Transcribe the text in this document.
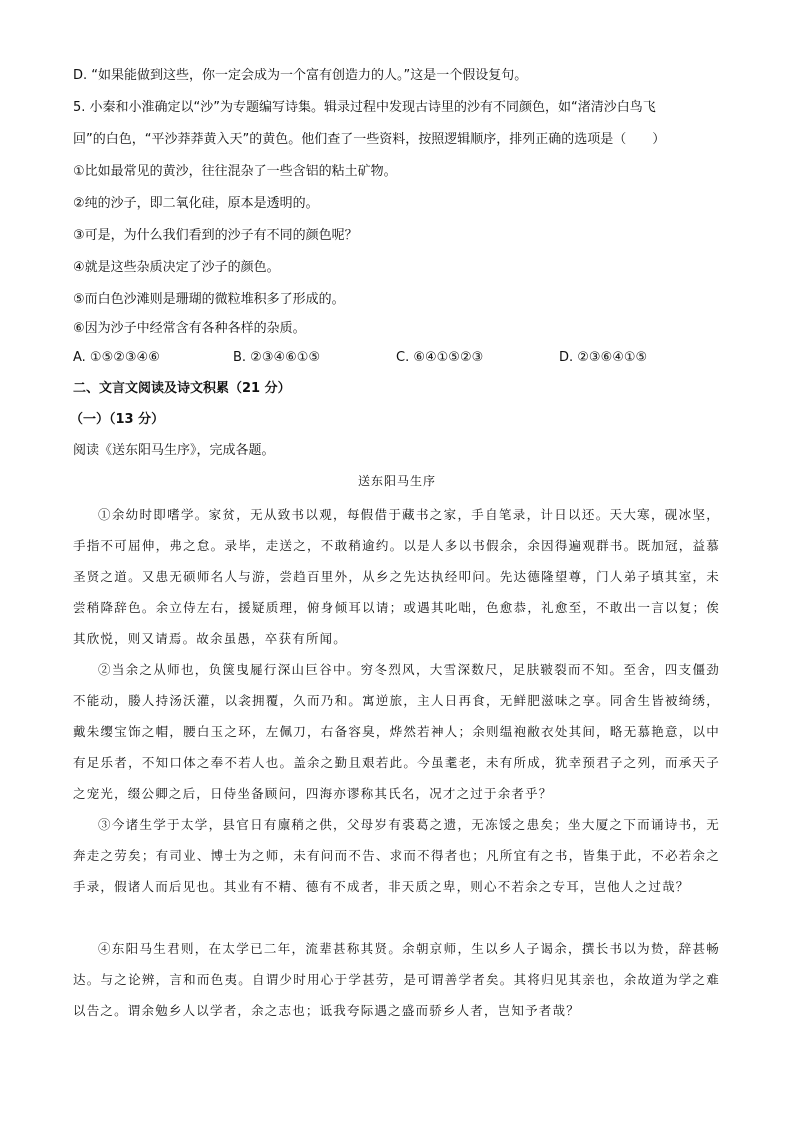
D. “如果能做到这些，你一定会成为一个富有创造力的人。”这是一个假设复句。
5. 小秦和小淮确定以“沙”为专题编写诗集。辑录过程中发现古诗里的沙有不同颜色，如“渚清沙白鸟飞
回”的白色，“平沙莽莽黄入天”的黄色。他们查了一些资料，按照逻辑顺序，排列正确的选项是（　　）
①比如最常见的黄沙，往往混杂了一些含铝的粘土矿物。
②纯的沙子，即二氧化硅，原本是透明的。
③可是，为什么我们看到的沙子有不同的颜色呢？
④就是这些杂质决定了沙子的颜色。
⑤而白色沙滩则是珊瑚的微粒堆积多了形成的。
⑥因为沙子中经常含有各种各样的杂质。
A. ①⑤②③④⑥	B. ②③④⑥①⑤	C. ⑥④①⑤②③	D. ②③⑥④①⑤
二、文言文阅读及诗文积累（21 分）
（一）（13 分）
阅读《送东阳马生序》，完成各题。
送东阳马生序

①余幼时即嗜学。家贫，无从致书以观，每假借于藏书之家，手自笔录，计日以还。天大寒，砚冰坚，手指不可屈伸，弗之怠。录毕，走送之，不敢稍逾约。以是人多以书假余，余因得遍观群书。既加冠，益慕圣贤之道。又患无硕师名人与游，尝趋百里外，从乡之先达执经叩问。先达德隆望尊，门人弟子填其室，未尝稍降辞色。余立侍左右，援疑质理，俯身倾耳以请；或遇其叱咄，色愈恭，礼愈至，不敢出一言以复；俟其欣悦，则又请焉。故余虽愚，卒获有所闻。

②当余之从师也，负箧曳屣行深山巨谷中。穷冬烈风，大雪深数尺，足肤皲裂而不知。至舍，四支僵劲不能动，媵人持汤沃灌，以衾拥覆，久而乃和。寓逆旅，主人日再食，无鲜肥滋味之享。同舍生皆被绮绣，戴朱缨宝饰之帽，腰白玉之环，左佩刀，右备容臭，烨然若神人；余则缊袍敝衣处其间，略无慕艳意，以中有足乐者，不知口体之奉不若人也。盖余之勤且艰若此。今虽耄老，未有所成，犹幸预君子之列，而承天子之宠光，缀公卿之后，日侍坐备顾问，四海亦谬称其氏名，况才之过于余者乎？

③今诸生学于太学，县官日有廪稍之供，父母岁有裘葛之遗，无冻馁之患矣；坐大厦之下而诵诗书，无奔走之劳矣；有司业、博士为之师，未有问而不告、求而不得者也；凡所宜有之书，皆集于此，不必若余之手录，假诸人而后见也。其业有不精、德有不成者，非天质之卑，则心不若余之专耳，岂他人之过哉？

④东阳马生君则，在太学已二年，流辈甚称其贤。余朝京师，生以乡人子谒余，撰长书以为贽，辞甚畅达。与之论辨，言和而色夷。自谓少时用心于学甚劳，是可谓善学者矣。其将归见其亲也，余故道为学之难以告之。谓余勉乡人以学者，余之志也；诋我夸际遇之盛而骄乡人者，岂知予者哉？
